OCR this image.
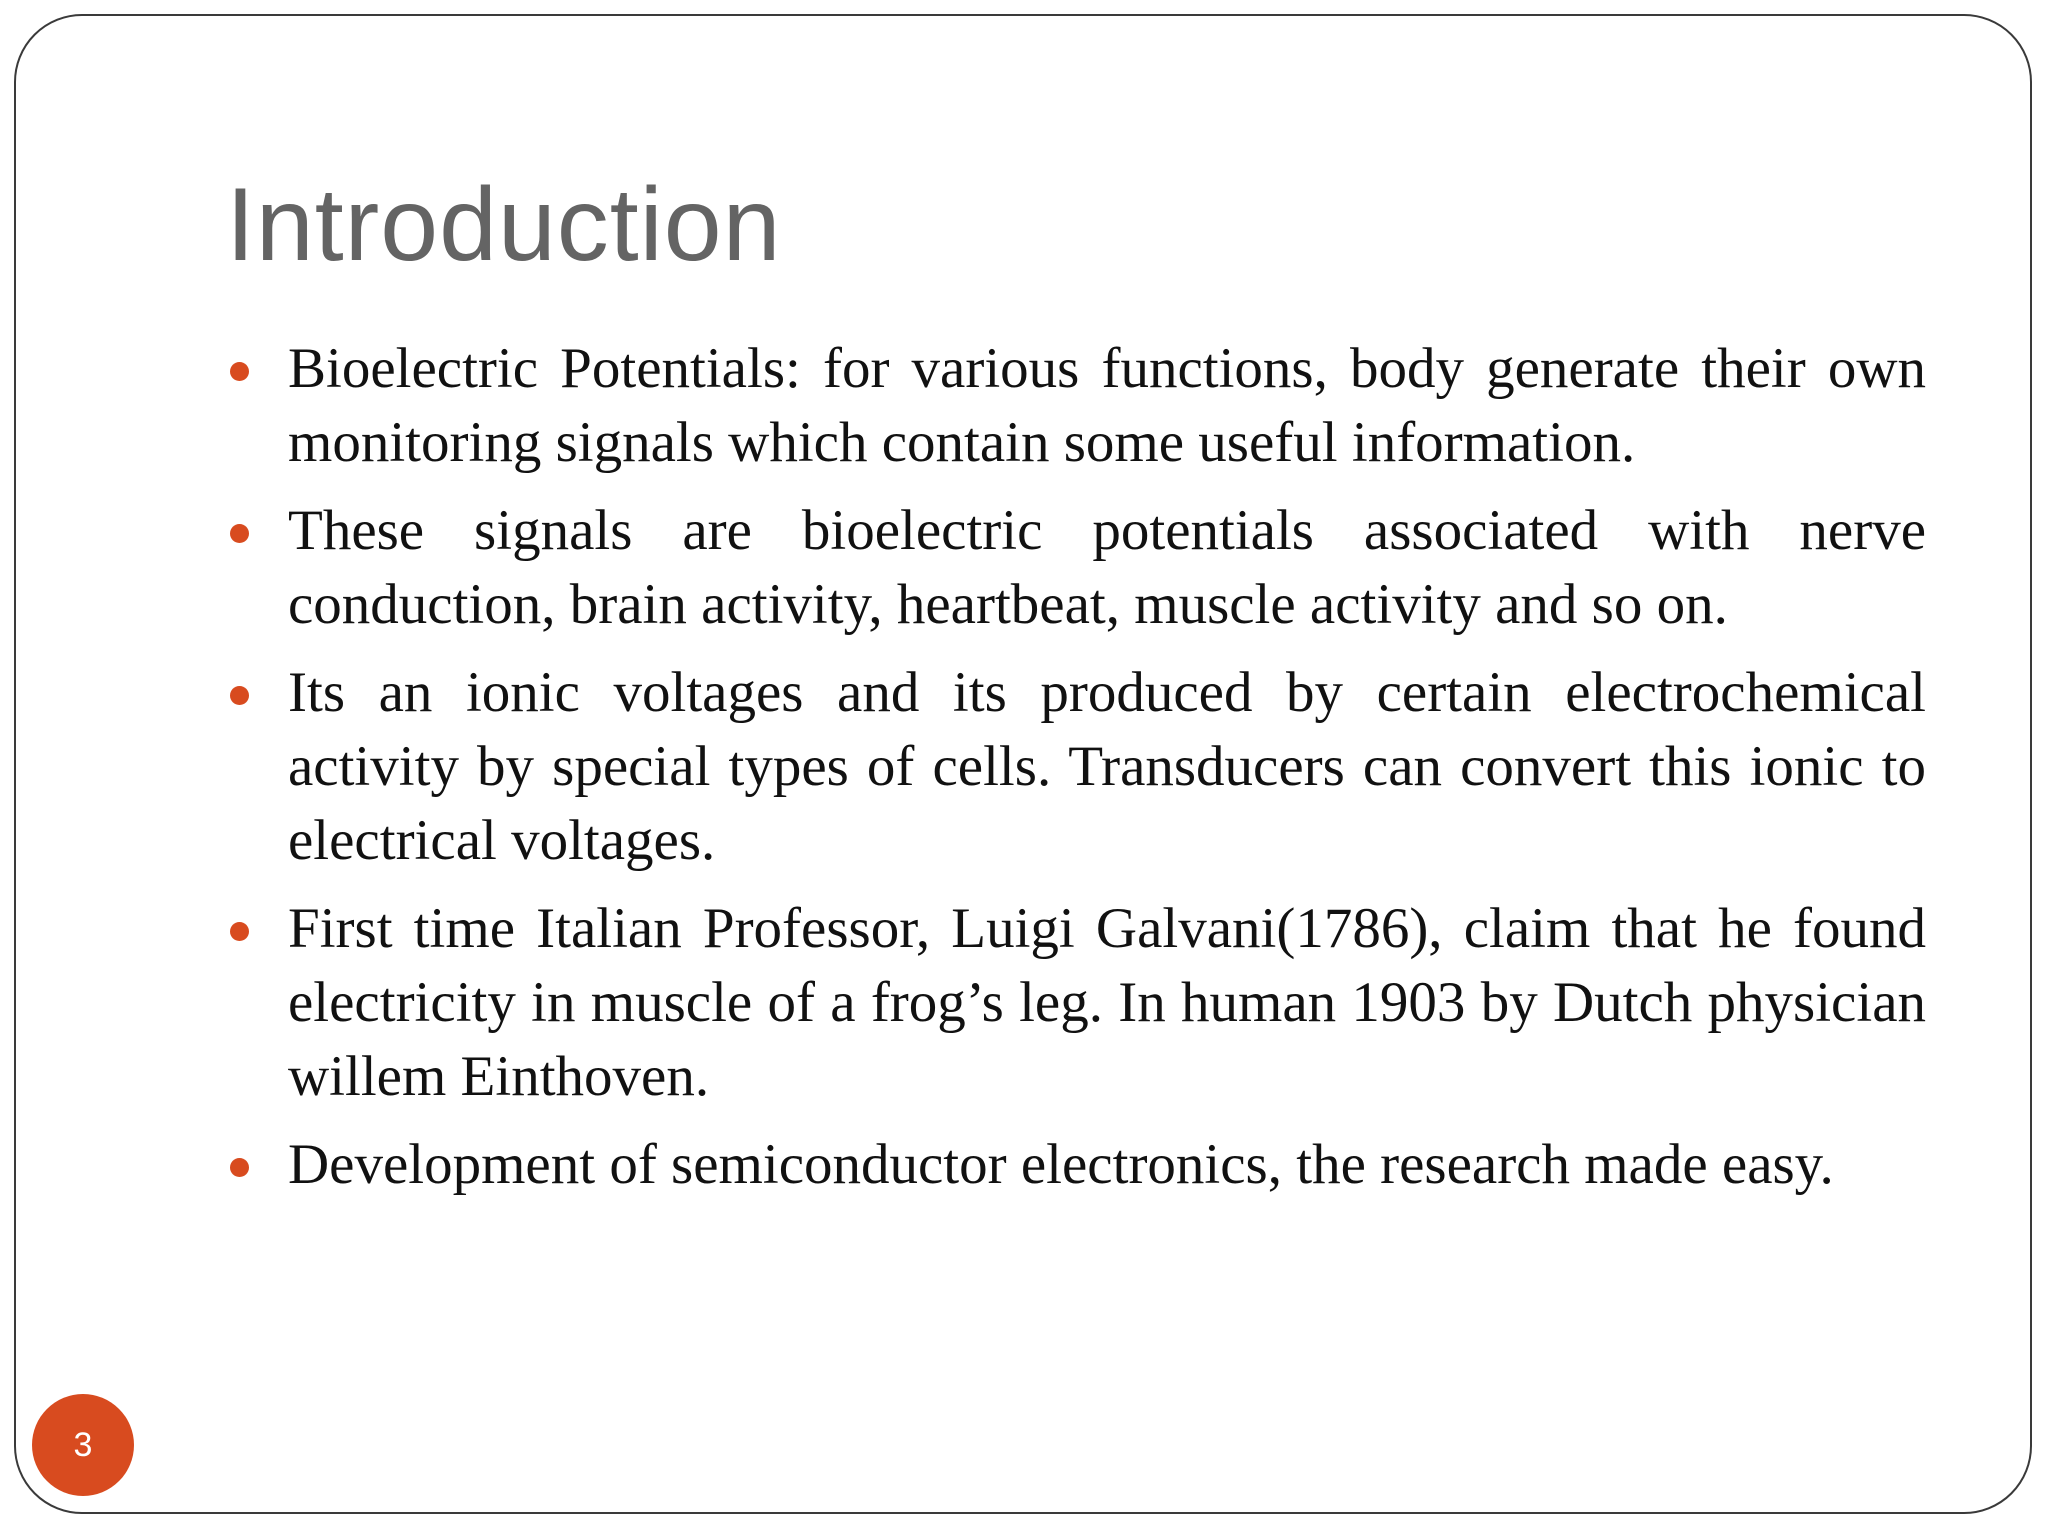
Introduction
Bioelectric Potentials: for various functions, body generate their own monitoring signals which contain some useful information.
These signals are bioelectric potentials associated with nerve conduction, brain activity, heartbeat, muscle activity and so on.
Its an ionic voltages and its produced by certain electrochemical activity by special types of cells. Transducers can convert this ionic to electrical voltages.
First time Italian Professor, Luigi Galvani(1786), claim that he found electricity in muscle of a frog’s leg. In human 1903 by Dutch physician willem Einthoven.
Development of semiconductor electronics, the research made easy.
3
